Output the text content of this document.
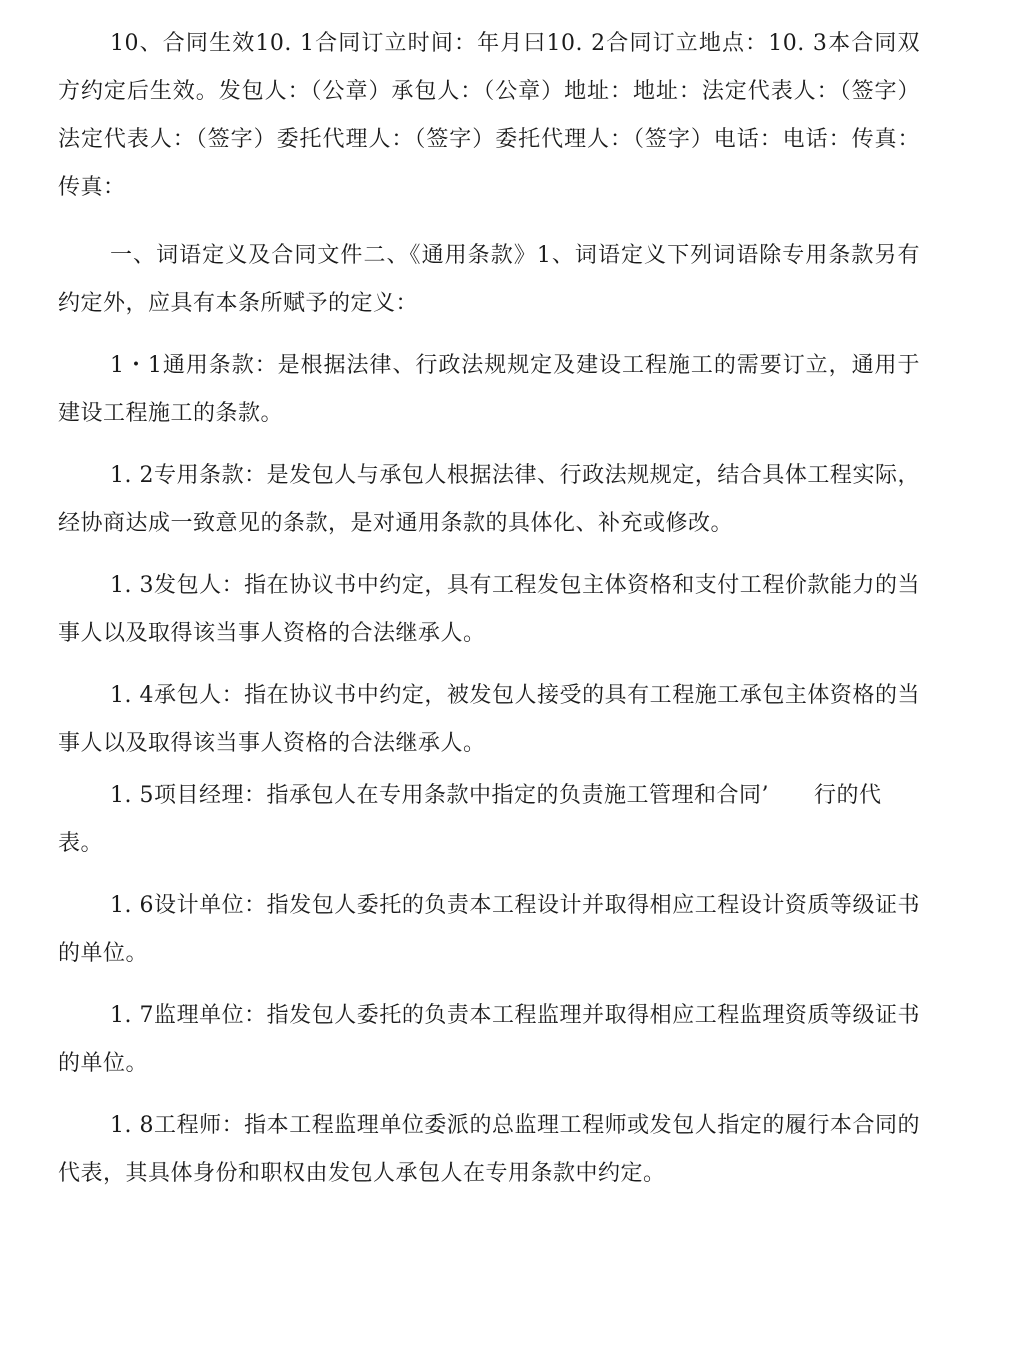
10、合同生效10. 1合同订立时间：年月曰10. 2合同订立地点：10. 3本合同双方约定后生效。发包人：（公章）承包人：（公章）地址：地址：法定代表人：（签字）法定代表人：（签字）委托代理人：（签字）委托代理人：（签字）电话：电话：传真：传真：

一、词语定义及合同文件二、《通用条款》1、词语定义下列词语除专用条款另有约定外，应具有本条所赋予的定义：

1・1通用条款：是根据法律、行政法规规定及建设工程施工的需要订立，通用于建设工程施工的条款。

1. 2专用条款：是发包人与承包人根据法律、行政法规规定，结合具体工程实际，经协商达成一致意见的条款，是对通用条款的具体化、补充或修改。

1. 3发包人：指在协议书中约定，具有工程发包主体资格和支付工程价款能力的当事人以及取得该当事人资格的合法继承人。

1. 4承包人：指在协议书中约定，被发包人接受的具有工程施工承包主体资格的当事人以及取得该当事人资格的合法继承人。

1. 5项目经理：指承包人在专用条款中指定的负责施工管理和合同’　　行的代表。

1. 6设计单位：指发包人委托的负责本工程设计并取得相应工程设计资质等级证书的单位。

1. 7监理单位：指发包人委托的负责本工程监理并取得相应工程监理资质等级证书的单位。

1. 8工程师：指本工程监理单位委派的总监理工程师或发包人指定的履行本合同的代表，其具体身份和职权由发包人承包人在专用条款中约定。
